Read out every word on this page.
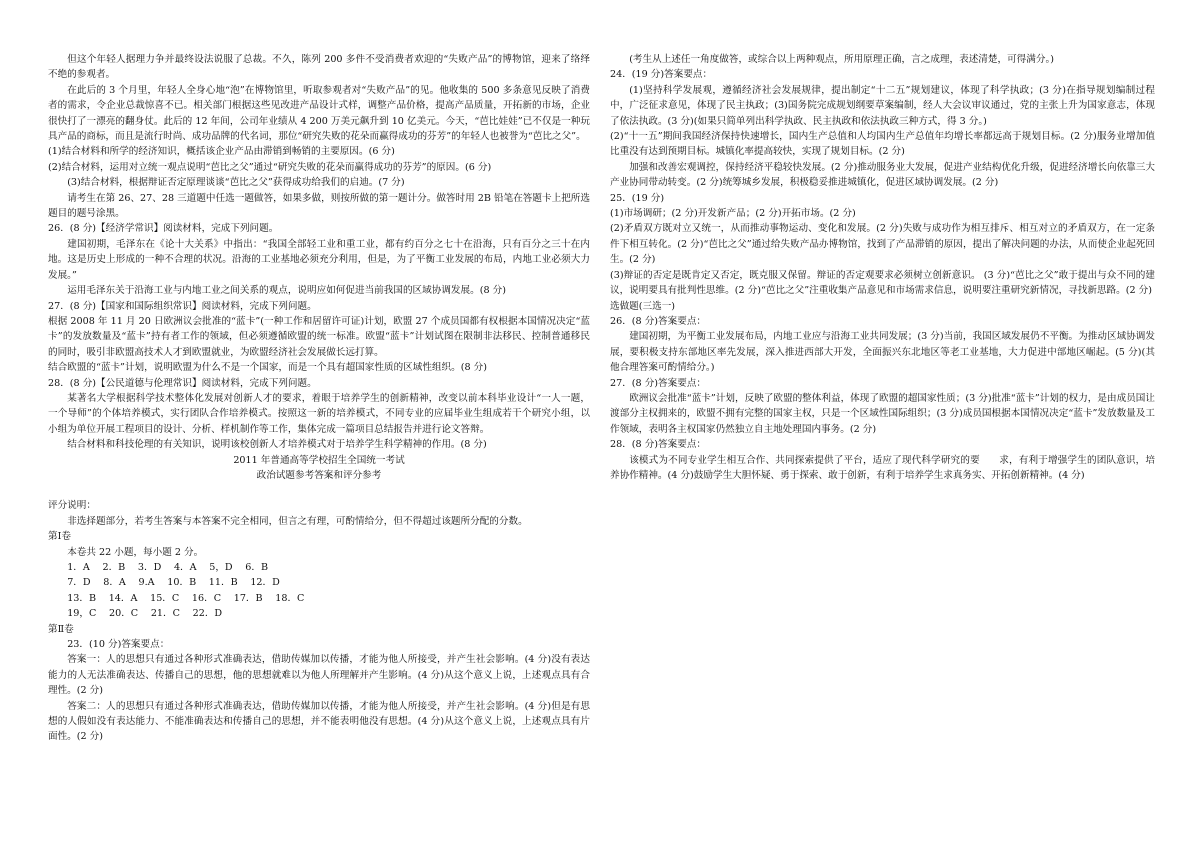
但这个年轻人据理力争并最终设法说服了总裁。不久，陈列 200 多件不受消费者欢迎的“失败产品”的博物馆，迎来了络绎不绝的参观者。

在此后的 3 个月里，年轻人全身心地“泡”在博物馆里，听取参观者对“失败产品”的见。他收集的 500 多条意见反映了消费者的需求，令企业总裁惊喜不已。相关部门根据这些见改进产品设计式样，调整产品价格，提高产品质量，开拓新的市场，企业很快打了一漂亮的翻身仗。此后的 12 年间，公司年业绩从 4 200 万美元飙升到 10 亿美元。今天，“芭比娃娃”已不仅是一种玩具产品的商标，而且是流行时尚、成功品牌的代名词，那位“研究失败的花朵而赢得成功的芬芳”的年轻人也被誉为“芭比之父”。

(1)结合材料和所学的经济知识，概括该企业产品由滞销到畅销的主要原因。(6 分)

(2)结合材料，运用对立统一观点说明“芭比之父”通过“研究失败的花朵而赢得成功的芬芳”的原因。(6 分)

(3)结合材料，根据辩证否定原理谈谈“芭比之父”获得成功给我们的启迪。(7 分)

请考生在第 26、27、28 三道题中任选一题做答，如果多做，则按所做的第一题计分。做答时用 2B 铅笔在答题卡上把所选题目的题号涂黑。

26．(8 分)【经济学常识】阅读材料，完成下列问题。

建国初期，毛泽东在《论十大关系》中指出：“我国全部轻工业和重工业，都有约百分之七十在沿海，只有百分之三十在内地。这是历史上形成的一种不合理的状况。沿海的工业基地必须充分利用，但是，为了平衡工业发展的布局，内地工业必须大力发展。”

运用毛泽东关于沿海工业与内地工业之间关系的观点，说明应如何促进当前我国的区域协调发展。(8 分)

27．(8 分)【国家和国际组织常识】阅读材料，完成下列问题。

根据 2008 年 11 月 20 日欧洲议会批准的“蓝卡”(一种工作和居留许可证)计划，欧盟 27 个成员国都有权根据本国情况决定“蓝卡”的发放数量及“蓝卡”持有者工作的领域，但必须遵循欧盟的统一标准。欧盟“蓝卡”计划试图在限制非法移民、控制普通移民的同时，吸引非欧盟高技术人才到欧盟就业，为欧盟经济社会发展做长远打算。

结合欧盟的“蓝卡”计划，说明欧盟为什么不是一个国家，而是一个具有超国家性质的区域性组织。(8 分)

28．(8 分)【公民道德与伦理常识】阅读材料，完成下列问题。

某著名大学根据科学技术整体化发展对创新人才的要求，着眼于培养学生的创新精神，改变以前本科毕业设计“一人一题，一个导师”的个体培养模式，实行团队合作培养模式。按照这一新的培养模式，不同专业的应届毕业生组成若干个研究小组，以小组为单位开展工程项目的设计、分析、样机制作等工作，集体完成一篇项目总结报告并进行论文答辩。

结合材料和科技伦理的有关知识，说明该校创新人才培养模式对于培养学生科学精神的作用。(8 分)

2011 年普通高等学校招生全国统一考试

政治试题参考答案和评分参考

评分说明：

非选择题部分，若考生答案与本答案不完全相同，但言之有理，可酌情给分，但不得超过该题所分配的分数。

第Ⅰ卷

本卷共 22 小题，每小题 2 分。

1．A 2．B 3．D 4．A 5，D 6．B

7．D 8．A 9.A 10．B 11．B 12．D

13．B 14．A 15．C 16．C 17．B 18．C

19，C 20．C 21．C 22．D

第Ⅱ卷

23．(10 分)答案要点：

答案一：人的思想只有通过各种形式准确表达，借助传媒加以传播，才能为他人所接受，并产生社会影响。(4 分)没有表达能力的人无法准确表达、传播自己的思想，他的思想就难以为他人所理解并产生影响。(4 分)从这个意义上说，上述观点具有合理性。(2 分)

答案二：人的思想只有通过各种形式准确表达，借助传媒加以传播，才能为他人所接受，并产生社会影响。(4 分)但是有思想的人假如没有表达能力、不能准确表达和传播自己的思想，并不能表明他没有思想。(4 分)从这个意义上说，上述观点具有片面性。(2 分)

(考生从上述任一角度做答，或综合以上两种观点，所用原理正确，言之成理，表述清楚，可得满分。)

24．(19 分)答案要点：

(1)坚持科学发展观，遵循经济社会发展规律，提出制定“十二五”规划建议，体现了科学执政；(3 分)在指导规划编制过程中，广泛征求意见，体现了民主执政；(3)国务院完成规划纲要草案编制，经人大会议审议通过，党的主张上升为国家意志，体现了依法执政。(3 分)(如果只简单列出科学执政、民主执政和依法执政三种方式，得 3 分。)

(2)“十一五”期间我国经济保持快速增长，国内生产总值和人均国内生产总值年均增长率都远高于规划目标。(2 分)服务业增加值比重没有达到预期目标。城镇化率提高较快，实现了规划目标。(2 分)

加强和改善宏观调控，保持经济平稳较快发展。(2 分)推动服务业大发展，促进产业结构优化升级，促进经济增长向依靠三大产业协同带动转变。(2 分)统筹城乡发展，积极稳妥推进城镇化，促进区域协调发展。(2 分)

25．(19 分)

(1)市场调研；(2 分)开发新产品；(2 分)开拓市场。(2 分)

(2)矛盾双方既对立又统一，从而推动事物运动、变化和发展。(2 分)失败与成功作为相互排斥、相互对立的矛盾双方，在一定条件下相互转化。(2 分)“芭比之父”通过给失败产品办博物馆，找到了产品滞销的原因，提出了解决问题的办法，从而使企业起死回生。(2 分)

(3)辩证的否定是既肯定又否定，既克服又保留。辩证的否定观要求必须树立创新意识。 (3 分)“芭比之父”敢于提出与众不同的建议，说明要具有批判性思维。(2 分)“芭比之父”注重收集产品意见和市场需求信息，说明要注重研究新情况，寻找新思路。(2 分)

选做题(三选一)

26．(8 分)答案要点：

建国初期，为平衡工业发展布局，内地工业应与沿海工业共同发展；(3 分)当前，我国区域发展仍不平衡。为推动区域协调发展，要积极支持东部地区率先发展，深入推进西部大开发，全面振兴东北地区等老工业基地，大力促进中部地区崛起。(5 分)(其他合理答案可酌情给分。)

27．(8 分)答案要点：

欧洲议会批准“蓝卡”计划，反映了欧盟的整体利益，体现了欧盟的超国家性质；(3 分)批准“蓝卡”计划的权力，是由成员国让渡部分主权拥来的，欧盟不拥有完整的国家主权，只是一个区域性国际组织；(3 分)成员国根据本国情况决定“蓝卡”发放数量及工作领域，表明各主权国家仍然独立自主地处理国内事务。(2 分)

28．(8 分)答案要点：

该模式为不同专业学生相互合作、共同探索提供了平台，适应了现代科学研究的要　　求，有利于增强学生的团队意识，培养协作精神。(4 分)鼓励学生大胆怀疑、勇于探索、敢于创新，有利于培养学生求真务实、开拓创新精神。(4 分)
